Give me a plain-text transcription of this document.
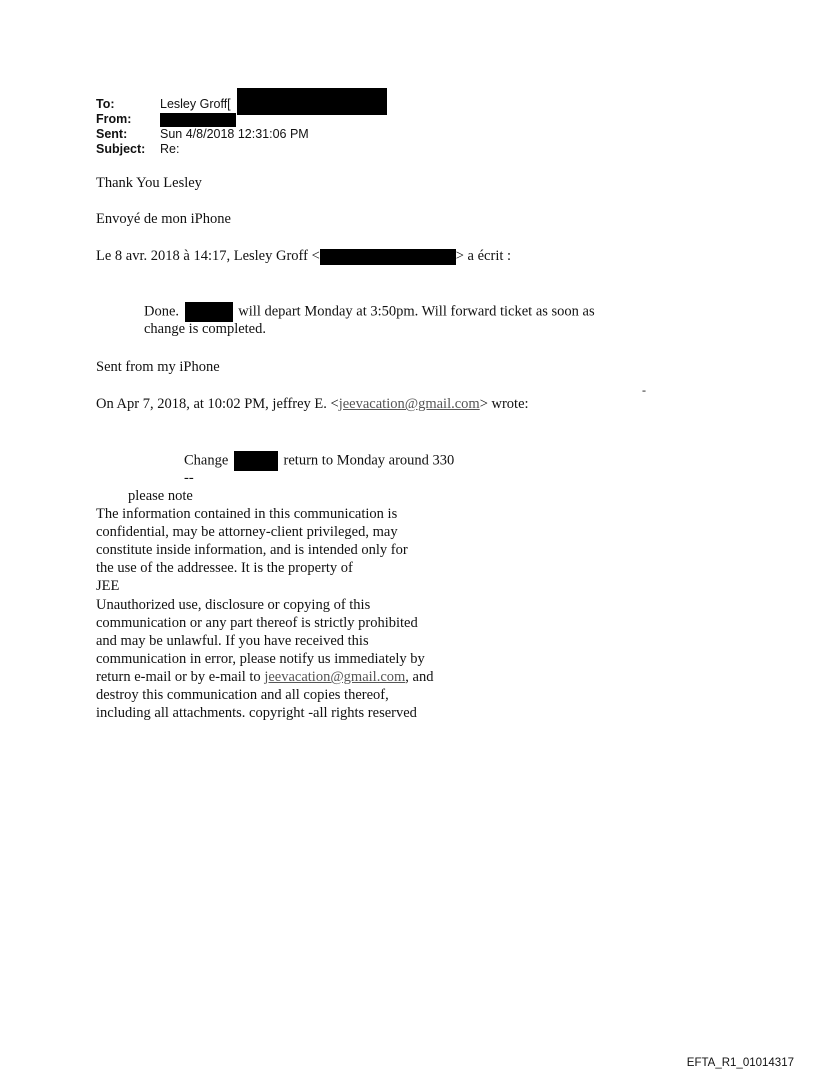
To:	Lesley Groff[
From:
Sent:	Sun 4/8/2018 12:31:06 PM
Subject: Re:
Thank You Lesley
Envoyé de mon iPhone
Le 8 avr. 2018 à 14:17, Lesley Groff <	> a écrit :
Done.	will depart Monday at 3:50pm. Will forward ticket as soon as
change is completed.
Sent from my iPhone
-
On Apr 7, 2018, at 10:02 PM, jeffrey E. <jeevacation@gmail.com> wrote:
Change	return to Monday around 330
--
please note
The information contained in this communication is
confidential, may be attorney-client privileged, may
constitute inside information, and is intended only for
the use of the addressee. It is the property of
JEE
Unauthorized use, disclosure or copying of this
communication or any part thereof is strictly prohibited
and may be unlawful. If you have received this
communication in error, please notify us immediately by
return e-mail or by e-mail to jeevacation@gmail.com, and
destroy this communication and all copies thereof,
including all attachments. copyright -all rights reserved
EFTA_R1_01014317
